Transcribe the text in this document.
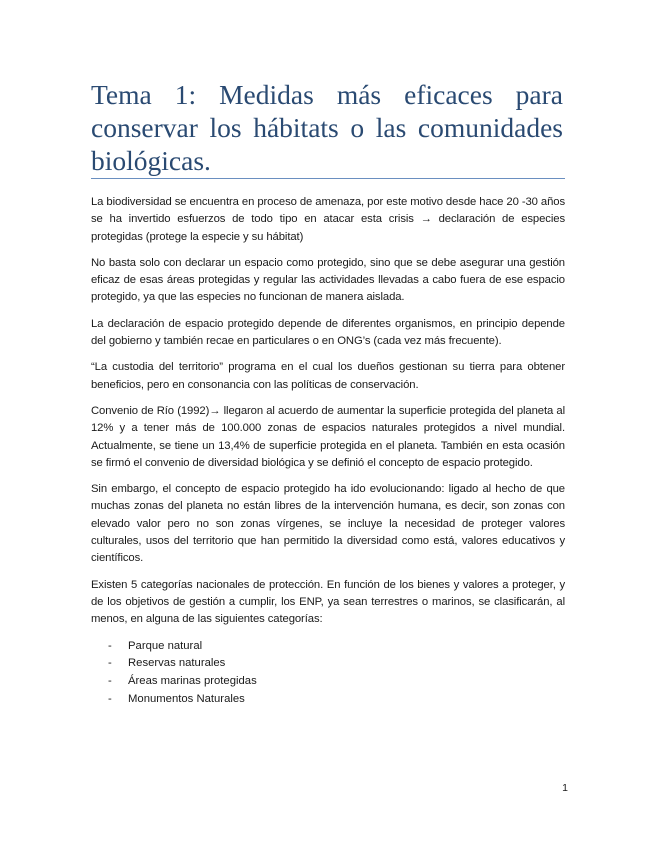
Tema 1: Medidas más eficaces para conservar los hábitats o las comunidades biológicas.

La biodiversidad se encuentra en proceso de amenaza, por este motivo desde hace 20 -30 años se ha invertido esfuerzos de todo tipo en atacar esta crisis → declaración de especies protegidas (protege la especie y su hábitat)

No basta solo con declarar un espacio como protegido, sino que se debe asegurar una gestión eficaz de esas áreas protegidas y regular las actividades llevadas a cabo fuera de ese espacio protegido, ya que las especies no funcionan de manera aislada.

La declaración de espacio protegido depende de diferentes organismos, en principio depende del gobierno y también recae en particulares o en ONG’s (cada vez más frecuente).

“La custodia del territorio” programa en el cual los dueños gestionan su tierra para obtener beneficios, pero en consonancia con las políticas de conservación.

Convenio de Río (1992)→ llegaron al acuerdo de aumentar la superficie protegida del planeta al 12% y a tener más de 100.000 zonas de espacios naturales protegidos a nivel mundial. Actualmente, se tiene un 13,4% de superficie protegida en el planeta. También en esta ocasión se firmó el convenio de diversidad biológica y se definió el concepto de espacio protegido.

Sin embargo, el concepto de espacio protegido ha ido evolucionando: ligado al hecho de que muchas zonas del planeta no están libres de la intervención humana, es decir, son zonas con elevado valor pero no son zonas vírgenes, se incluye la necesidad de proteger valores culturales, usos del territorio que han permitido la diversidad como está, valores educativos y científicos.

Existen 5 categorías nacionales de protección. En función de los bienes y valores a proteger, y de los objetivos de gestión a cumplir, los ENP, ya sean terrestres o marinos, se clasificarán, al menos, en alguna de las siguientes categorías:

- Parque natural
- Reservas naturales
- Áreas marinas protegidas
- Monumentos Naturales
1
